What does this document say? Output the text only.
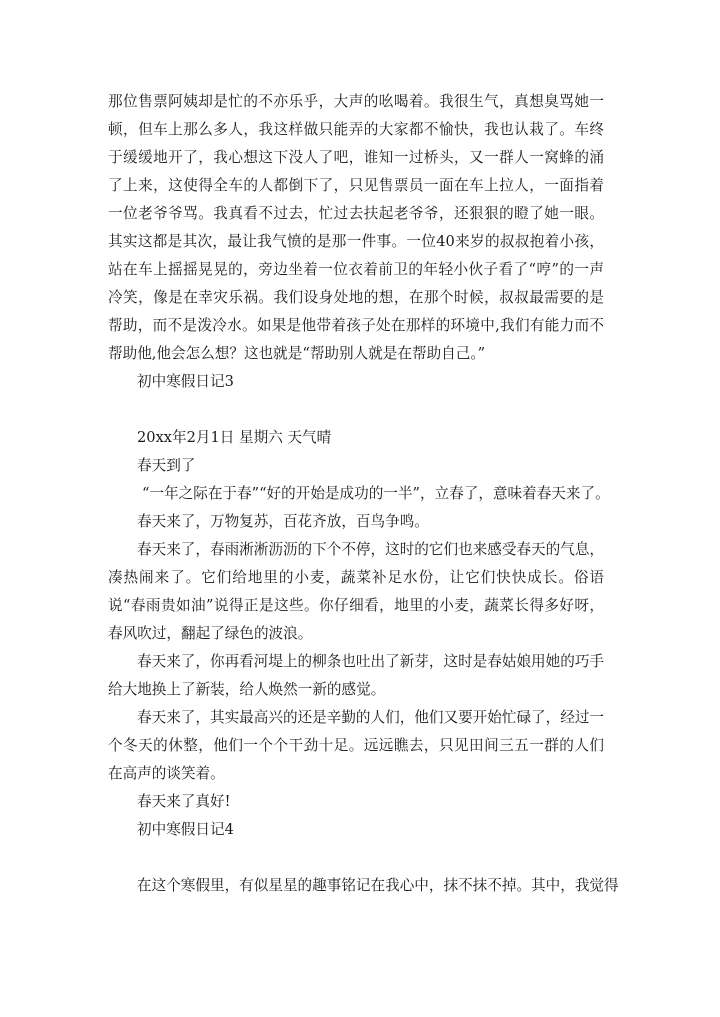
那位售票阿姨却是忙的不亦乐乎，大声的吆喝着。我很生气，真想臭骂她一顿，但车上那么多人，我这样做只能弄的大家都不愉快，我也认栽了。车终于缓缓地开了，我心想这下没人了吧，谁知一过桥头，又一群人一窝蜂的涌了上来，这使得全车的人都倒下了，只见售票员一面在车上拉人，一面指着一位老爷爷骂。我真看不过去，忙过去扶起老爷爷，还狠狠的瞪了她一眼。其实这都是其次，最让我气愤的是那一件事。一位40来岁的叔叔抱着小孩，站在车上摇摇晃晃的，旁边坐着一位衣着前卫的年轻小伙子看了“哼”的一声冷笑，像是在幸灾乐祸。我们设身处地的想，在那个时候，叔叔最需要的是帮助，而不是泼冷水。如果是他带着孩子处在那样的环境中,我们有能力而不帮助他,他会怎么想？这也就是“帮助别人就是在帮助自己。”

初中寒假日记3

20xx年2月1日 星期六 天气晴

春天到了

“一年之际在于春”“好的开始是成功的一半”，立春了，意味着春天来了。

春天来了，万物复苏，百花齐放，百鸟争鸣。

春天来了，春雨淅淅沥沥的下个不停，这时的它们也来感受春天的气息，凑热闹来了。它们给地里的小麦，蔬菜补足水份，让它们快快成长。俗语说“春雨贵如油”说得正是这些。你仔细看，地里的小麦，蔬菜长得多好呀，春风吹过，翻起了绿色的波浪。

春天来了，你再看河堤上的柳条也吐出了新芽，这时是春姑娘用她的巧手给大地换上了新装，给人焕然一新的感觉。

春天来了，其实最高兴的还是辛勤的人们，他们又要开始忙碌了，经过一个冬天的休整，他们一个个干劲十足。远远瞧去，只见田间三五一群的人们在高声的谈笑着。

春天来了真好!

初中寒假日记4

在这个寒假里，有似星星的趣事铭记在我心中，抹不抹不掉。其中，我觉得
